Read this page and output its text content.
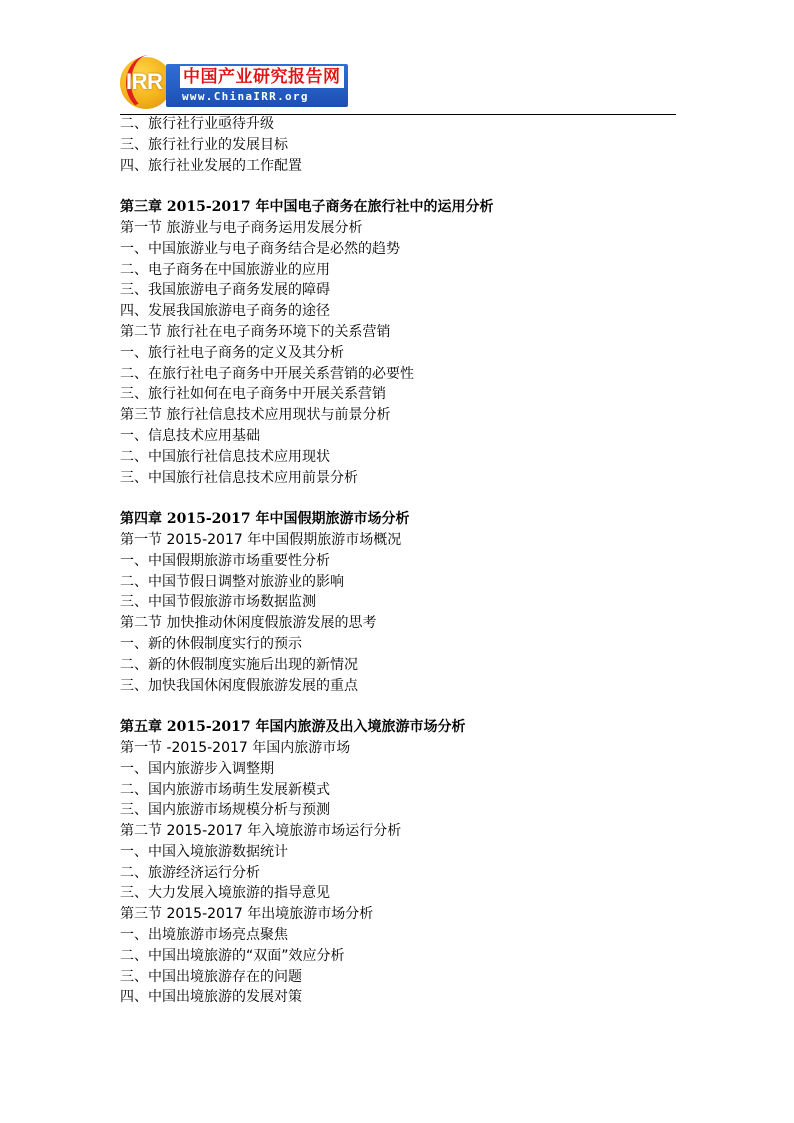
IRR 中国产业研究报告网
www.ChinaIRR.org
二、旅行社行业亟待升级
三、旅行社行业的发展目标
四、旅行社业发展的工作配置
第三章 2015-2017 年中国电子商务在旅行社中的运用分析
第一节 旅游业与电子商务运用发展分析
一、中国旅游业与电子商务结合是必然的趋势
二、电子商务在中国旅游业的应用
三、我国旅游电子商务发展的障碍
四、发展我国旅游电子商务的途径
第二节 旅行社在电子商务环境下的关系营销
一、旅行社电子商务的定义及其分析
二、在旅行社电子商务中开展关系营销的必要性
三、旅行社如何在电子商务中开展关系营销
第三节 旅行社信息技术应用现状与前景分析
一、信息技术应用基础
二、中国旅行社信息技术应用现状
三、中国旅行社信息技术应用前景分析
第四章 2015-2017 年中国假期旅游市场分析
第一节 2015-2017 年中国假期旅游市场概况
一、中国假期旅游市场重要性分析
二、中国节假日调整对旅游业的影响
三、中国节假旅游市场数据监测
第二节 加快推动休闲度假旅游发展的思考
一、新的休假制度实行的预示
二、新的休假制度实施后出现的新情况
三、加快我国休闲度假旅游发展的重点
第五章 2015-2017 年国内旅游及出入境旅游市场分析
第一节 -2015-2017 年国内旅游市场
一、国内旅游步入调整期
二、国内旅游市场萌生发展新模式
三、国内旅游市场规模分析与预测
第二节 2015-2017 年入境旅游市场运行分析
一、中国入境旅游数据统计
二、旅游经济运行分析
三、大力发展入境旅游的指导意见
第三节 2015-2017 年出境旅游市场分析
一、出境旅游市场亮点聚焦
二、中国出境旅游的“双面”效应分析
三、中国出境旅游存在的问题
四、中国出境旅游的发展对策
